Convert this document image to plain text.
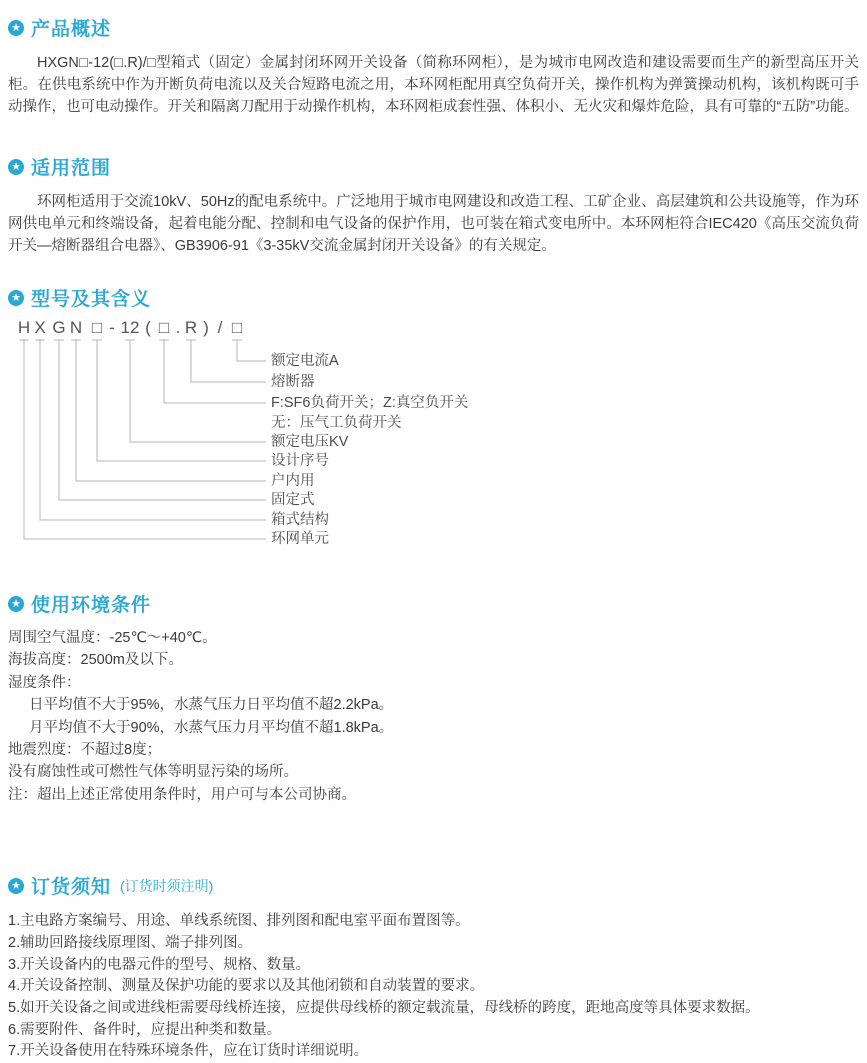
★ 产品概述

HXGN□-12(□.R)/□型箱式（固定）金属封闭环网开关设备（简称环网柜），是为城市电网改造和建设需要而生产的新型高压开关柜。在供电系统中作为开断负荷电流以及关合短路电流之用，本环网柜配用真空负荷开关，操作机构为弹簧操动机构，该机构既可手动操作，也可电动操作。开关和隔离刀配用于动操作机构，本环网柜成套性强、体积小、无火灾和爆炸危险，具有可靠的“五防”功能。

★ 适用范围

环网柜适用于交流10kV、50Hz的配电系统中。广泛地用于城市电网建设和改造工程、工矿企业、高层建筑和公共设施等，作为环网供电单元和终端设备，起着电能分配、控制和电气设备的保护作用，也可装在箱式变电所中。本环网柜符合IEC420《高压交流负荷开关—熔断器组合电器》、GB3906-91《3-35kV交流金属封闭开关设备》的有关规定。

★ 型号及其含义
H X G N □ - 12 ( □ . R ) / □
额定电流A
熔断器
F:SF6负荷开关；Z:真空负开关
无：压气工负荷开关
额定电压KV
设计序号
户内用
固定式
箱式结构
环网单元
★ 使用环境条件
周围空气温度：-25℃～+40℃。
海拔高度：2500m及以下。
湿度条件：
日平均值不大于95%，水蒸气压力日平均值不超2.2kPa。
月平均值不大于90%，水蒸气压力月平均值不超1.8kPa。
地震烈度：不超过8度；
没有腐蚀性或可燃性气体等明显污染的场所。
注：超出上述正常使用条件时，用户可与本公司协商。
★ 订货须知 (订货时须注明)
1.主电路方案编号、用途、单线系统图、排列图和配电室平面布置图等。
2.辅助回路接线原理图、端子排列图。
3.开关设备内的电器元件的型号、规格、数量。
4.开关设备控制、测量及保护功能的要求以及其他闭锁和自动装置的要求。
5.如开关设备之间或进线柜需要母线桥连接，应提供母线桥的额定载流量，母线桥的跨度，距地高度等具体要求数据。
6.需要附件、备件时，应提出种类和数量。
7.开关设备使用在特殊环境条件，应在订货时详细说明。
